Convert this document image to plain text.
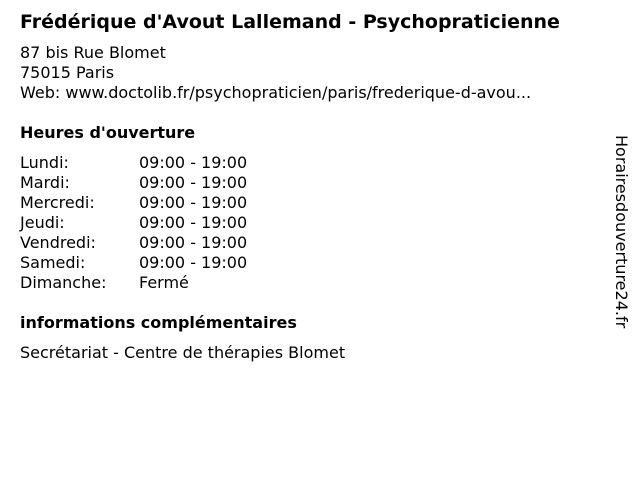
Frédérique d'Avout Lallemand - Psychopraticienne
87 bis Rue Blomet
75015 Paris
Web: www.doctolib.fr/psychopraticien/paris/frederique-d-avou...
Heures d'ouverture
Lundi:	09:00 - 19:00
Mardi:	09:00 - 19:00
Mercredi:	09:00 - 19:00
Jeudi:	09:00 - 19:00
Vendredi:	09:00 - 19:00
Samedi:	09:00 - 19:00
Dimanche: Fermé
informations complémentaires
Secrétariat - Centre de thérapies Blomet
Horairesdouverture24.fr
